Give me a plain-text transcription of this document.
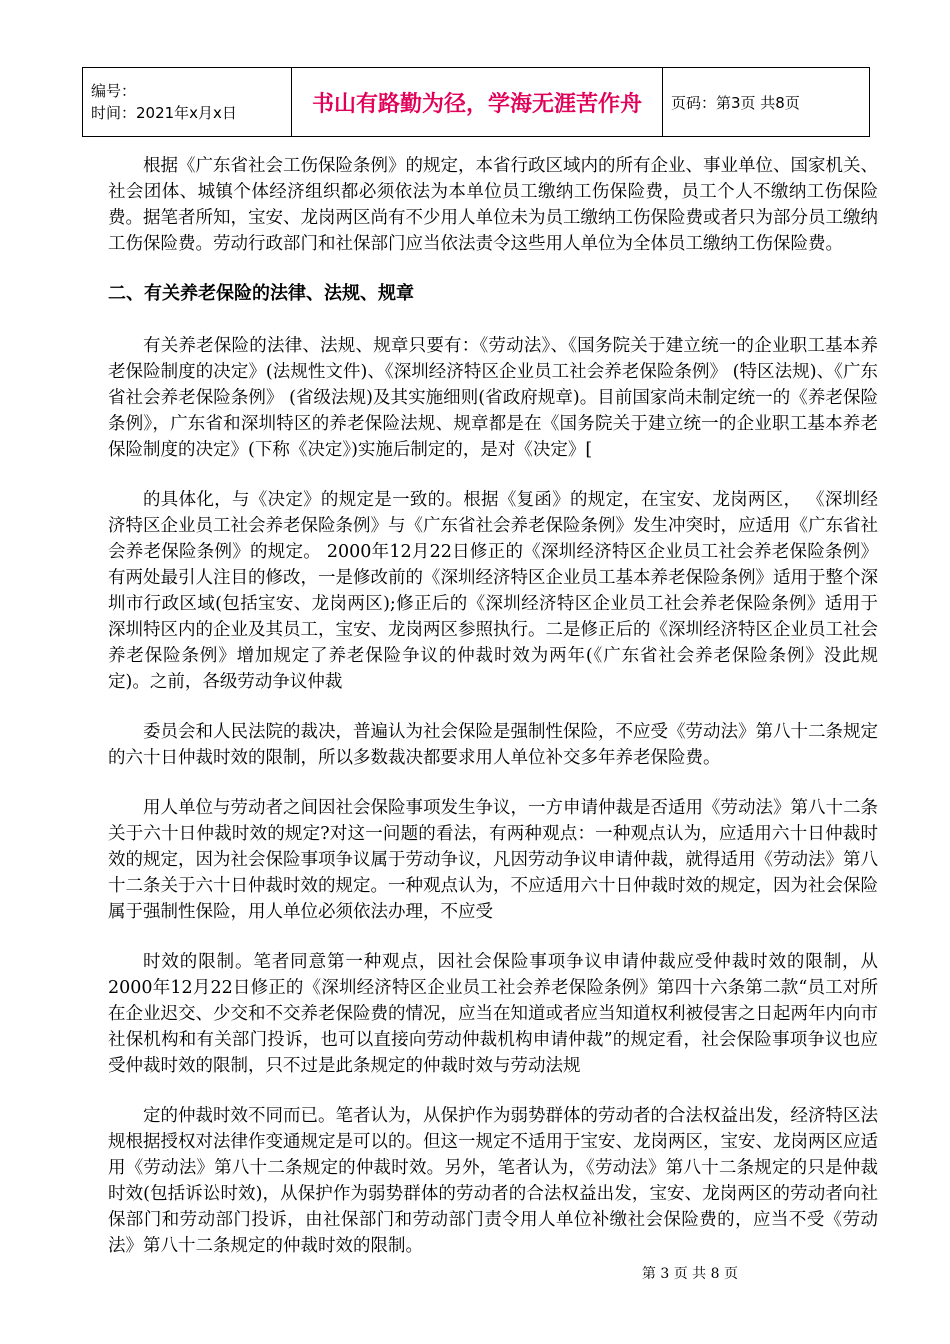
编号：
时间：2021年x月x日	书山有路勤为径，学海无涯苦作舟	页码：第3页 共8页

根据《广东省社会工伤保险条例》的规定，本省行政区域内的所有企业、事业单位、国家机关、社会团体、城镇个体经济组织都必须依法为本单位员工缴纳工伤保险费，员工个人不缴纳工伤保险费。据笔者所知，宝安、龙岗两区尚有不少用人单位未为员工缴纳工伤保险费或者只为部分员工缴纳工伤保险费。劳动行政部门和社保部门应当依法责令这些用人单位为全体员工缴纳工伤保险费。

二、有关养老保险的法律、法规、规章

有关养老保险的法律、法规、规章只要有：《劳动法》、《国务院关于建立统一的企业职工基本养老保险制度的决定》(法规性文件)、《深圳经济特区企业员工社会养老保险条例》 (特区法规)、《广东省社会养老保险条例》 (省级法规)及其实施细则(省政府规章)。目前国家尚未制定统一的《养老保险条例》，广东省和深圳特区的养老保险法规、规章都是在《国务院关于建立统一的企业职工基本养老保险制度的决定》(下称《决定》)实施后制定的，是对《决定》[

的具体化，与《决定》的规定是一致的。根据《复函》的规定，在宝安、龙岗两区， 《深圳经济特区企业员工社会养老保险条例》与《广东省社会养老保险条例》发生冲突时，应适用《广东省社会养老保险条例》的规定。 2000年12月22日修正的《深圳经济特区企业员工社会养老保险条例》有两处最引人注目的修改，一是修改前的《深圳经济特区企业员工基本养老保险条例》适用于整个深圳市行政区域(包括宝安、龙岗两区);修正后的《深圳经济特区企业员工社会养老保险条例》适用于深圳特区内的企业及其员工，宝安、龙岗两区参照执行。二是修正后的《深圳经济特区企业员工社会养老保险条例》增加规定了养老保险争议的仲裁时效为两年(《广东省社会养老保险条例》没此规定)。之前，各级劳动争议仲裁

委员会和人民法院的裁决，普遍认为社会保险是强制性保险，不应受《劳动法》第八十二条规定的六十日仲裁时效的限制，所以多数裁决都要求用人单位补交多年养老保险费。

用人单位与劳动者之间因社会保险事项发生争议，一方申请仲裁是否适用《劳动法》第八十二条关于六十日仲裁时效的规定?对这一问题的看法，有两种观点：一种观点认为，应适用六十日仲裁时效的规定，因为社会保险事项争议属于劳动争议，凡因劳动争议申请仲裁，就得适用《劳动法》第八十二条关于六十日仲裁时效的规定。一种观点认为，不应适用六十日仲裁时效的规定，因为社会保险属于强制性保险，用人单位必须依法办理，不应受

时效的限制。笔者同意第一种观点，因社会保险事项争议申请仲裁应受仲裁时效的限制，从2000年12月22日修正的《深圳经济特区企业员工社会养老保险条例》第四十六条第二款“员工对所在企业迟交、少交和不交养老保险费的情况，应当在知道或者应当知道权利被侵害之日起两年内向市社保机构和有关部门投诉，也可以直接向劳动仲裁机构申请仲裁”的规定看，社会保险事项争议也应受仲裁时效的限制，只不过是此条规定的仲裁时效与劳动法规

定的仲裁时效不同而已。笔者认为，从保护作为弱势群体的劳动者的合法权益出发，经济特区法规根据授权对法律作变通规定是可以的。但这一规定不适用于宝安、龙岗两区，宝安、龙岗两区应适用《劳动法》第八十二条规定的仲裁时效。另外，笔者认为，《劳动法》第八十二条规定的只是仲裁时效(包括诉讼时效)，从保护作为弱势群体的劳动者的合法权益出发，宝安、龙岗两区的劳动者向社保部门和劳动部门投诉，由社保部门和劳动部门责令用人单位补缴社会保险费的，应当不受《劳动法》第八十二条规定的仲裁时效的限制。

第 3 页 共 8 页
